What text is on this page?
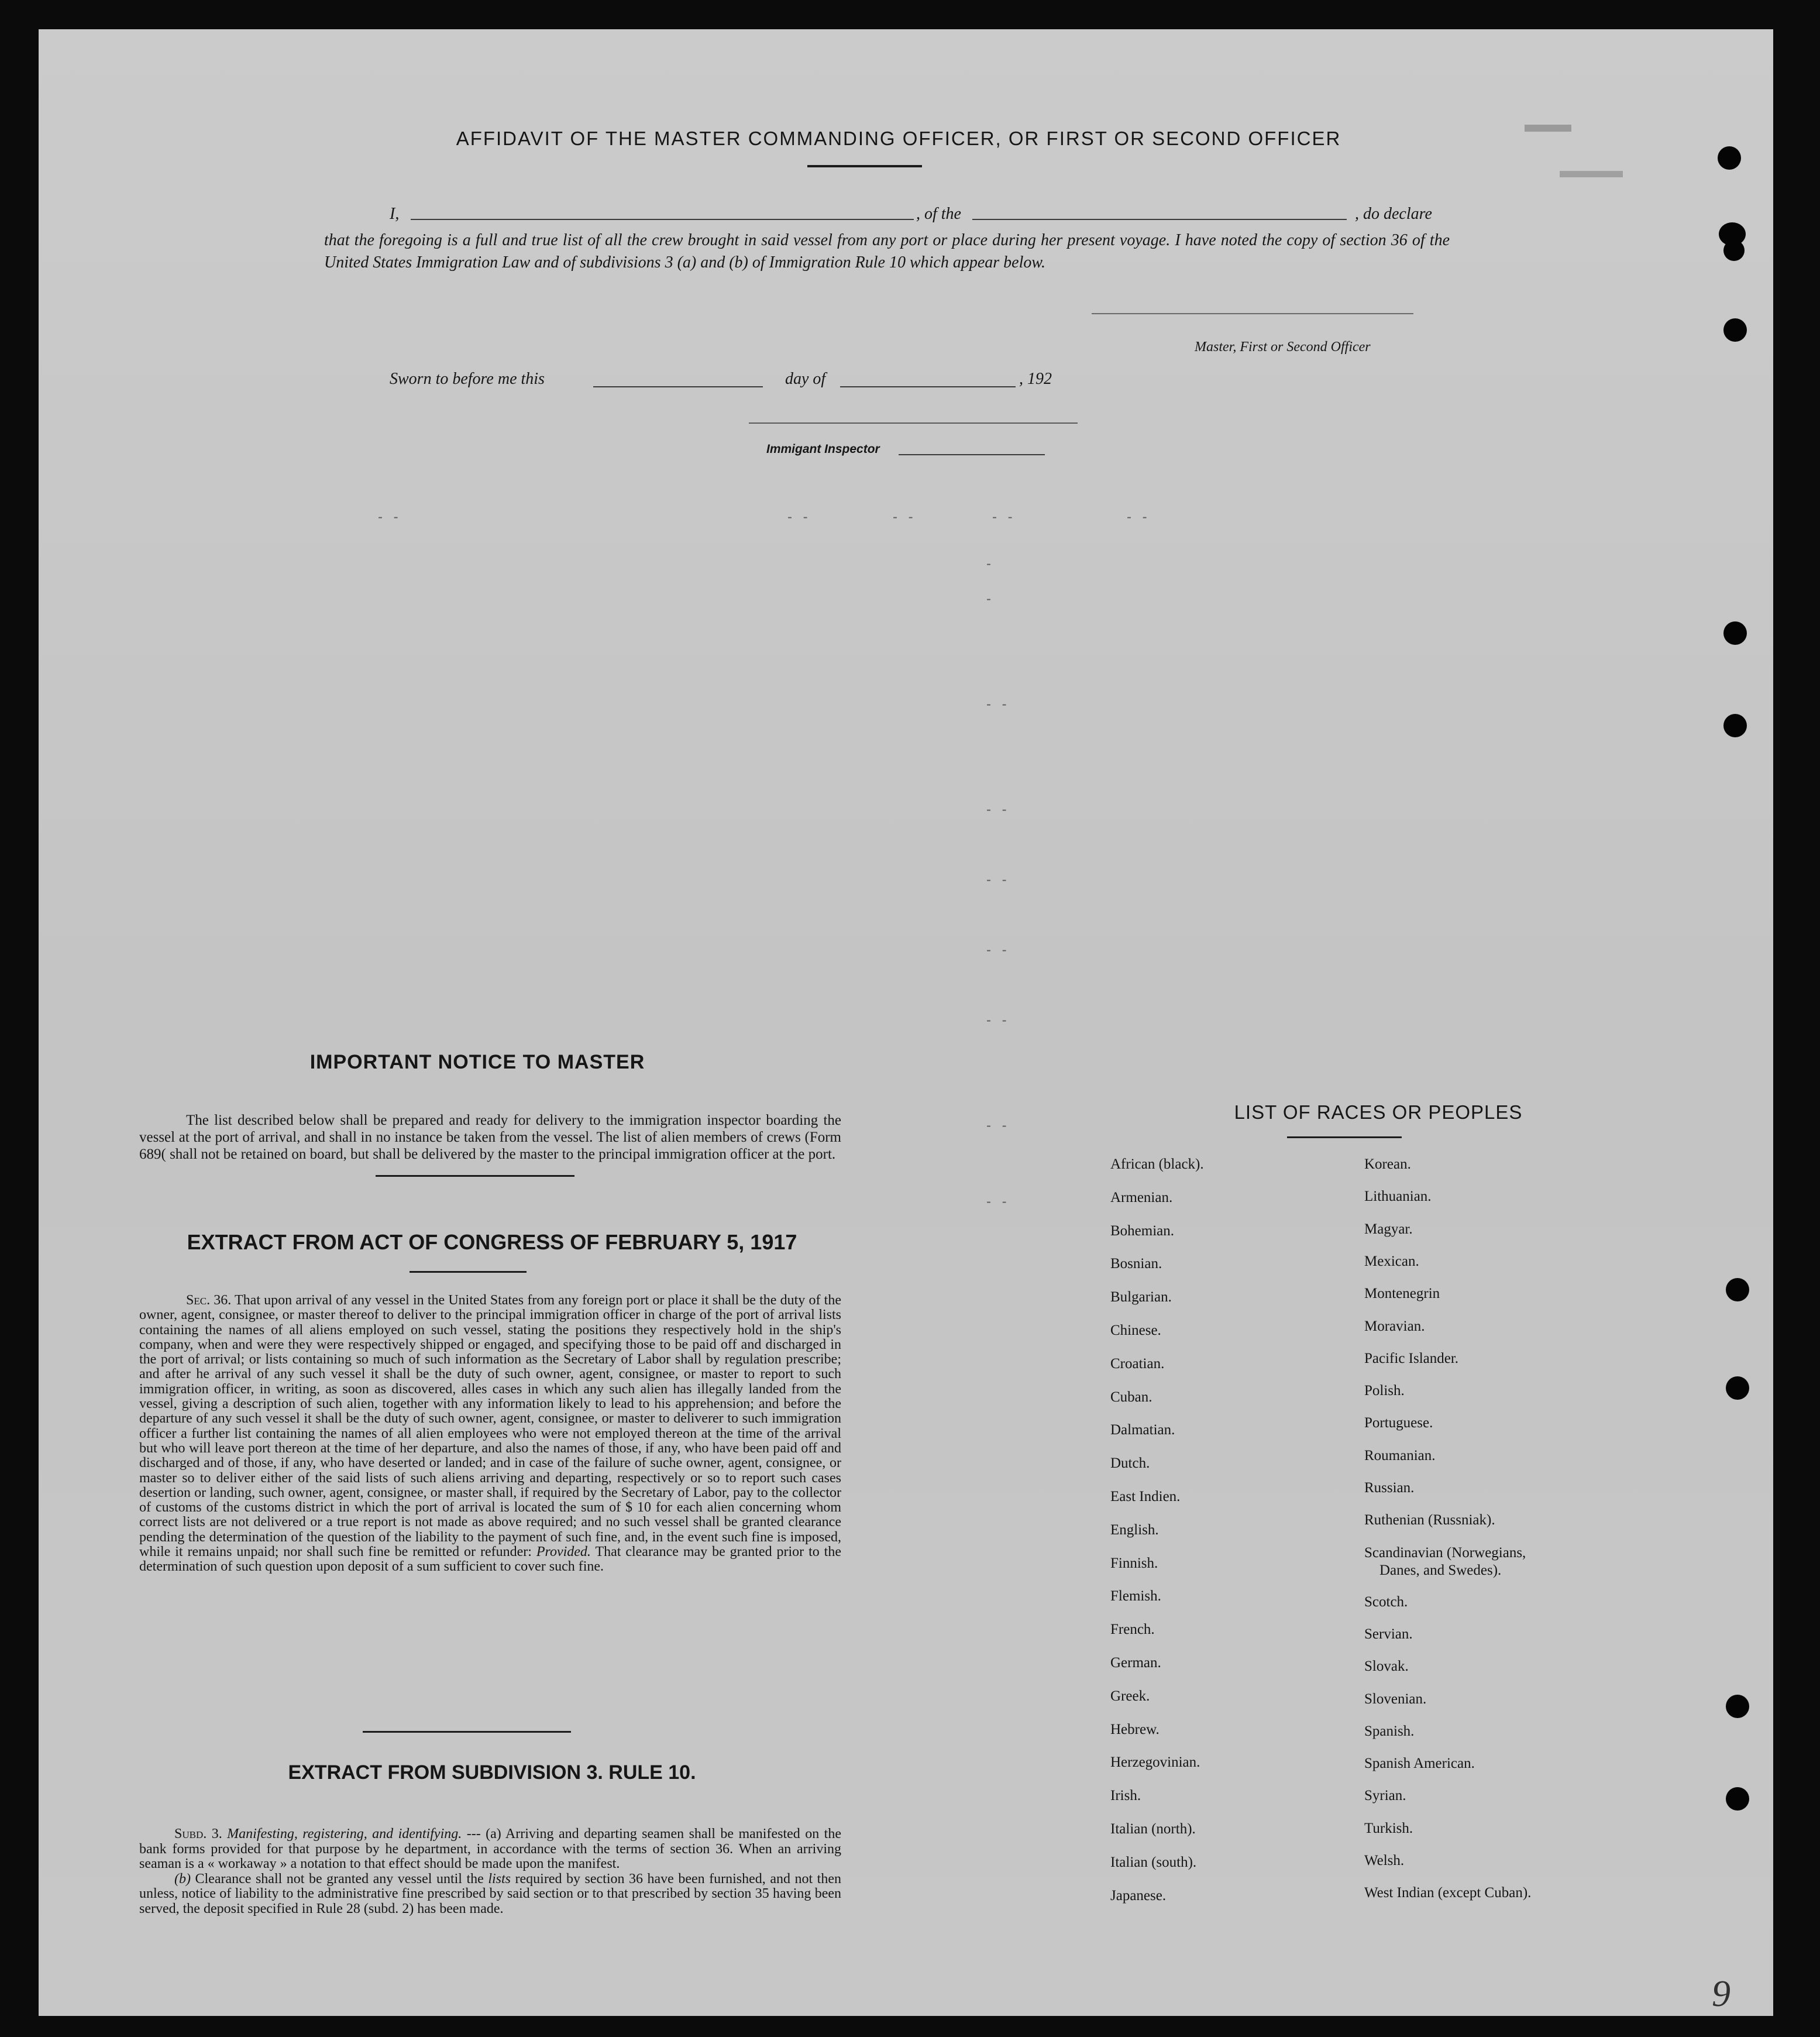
▬▬
▬▬▬
AFFIDAVIT OF THE MASTER COMMANDING OFFICER, OR FIRST OR SECOND OFFICER
I,	, of the	, do declare
that the foregoing is a full and true list of all the crew brought in said vessel from any port or place during her present voyage. I have noted the copy of section 36 of the United States Immigration Law and of subdivisions 3 (a) and (b) of Immigration Rule 10 which appear below.
Master, First or Second Officer
Sworn to before me this	day of	, 192
Immigant Inspector
- -	- -	- -	- -	- -
-
-
- -
- -
- -
- -
- -
- -
- -
IMPORTANT NOTICE TO MASTER
The list described below shall be prepared and ready for delivery to the immigration inspector boarding the vessel at the port of arrival, and shall in no instance be taken from the vessel. The list of alien members of crews (Form 689( shall not be retained on board, but shall be delivered by the master to the principal immigration officer at the port.
EXTRACT FROM ACT OF CONGRESS OF FEBRUARY 5, 1917
Sec. 36. That upon arrival of any vessel in the United States from any foreign port or place it shall be the duty of the owner, agent, consignee, or master thereof to deliver to the principal immigration officer in charge of the port of arrival lists containing the names of all aliens employed on such vessel, stating the positions they respectively hold in the ship's company, when and were they were respectively shipped or engaged, and specifying those to be paid off and discharged in the port of arrival; or lists containing so much of such information as the Secretary of Labor shall by regulation prescribe; and after he arrival of any such vessel it shall be the duty of such owner, agent, consignee, or master to report to such immigration officer, in writing, as soon as discovered, alles cases in which any such alien has illegally landed from the vessel, giving a description of such alien, together with any information likely to lead to his apprehension; and before the departure of any such vessel it shall be the duty of such owner, agent, consignee, or master to deliverer to such immigration officer a further list containing the names of all alien employees who were not employed thereon at the time of the arrival but who will leave port thereon at the time of her departure, and also the names of those, if any, who have been paid off and discharged and of those, if any, who have deserted or landed; and in case of the failure of suche owner, agent, consignee, or master so to deliver either of the said lists of such aliens arriving and departing, respectively or so to report such cases desertion or landing, such owner, agent, consignee, or master shall, if required by the Secretary of Labor, pay to the collector of customs of the customs district in which the port of arrival is located the sum of $ 10 for each alien concerning whom correct lists are not delivered or a true report is not made as above required; and no such vessel shall be granted clearance pending the determination of the question of the liability to the payment of such fine, and, in the event such fine is imposed, while it remains unpaid; nor shall such fine be remitted or refunder: Provided. That clearance may be granted prior to the determination of such question upon deposit of a sum sufficient to cover such fine.
EXTRACT FROM SUBDIVISION 3. RULE 10.
Subd. 3. Manifesting, registering, and identifying. --- (a) Arriving and departing seamen shall be manifested on the bank forms provided for that purpose by he department, in accordance with the terms of section 36. When an arriving seaman is a « workaway » a notation to that effect should be made upon the manifest.
(b) Clearance shall not be granted any vessel until the lists required by section 36 have been furnished, and not then unless, notice of liability to the administrative fine prescribed by said section or to that prescribed by section 35 having been served, the deposit specified in Rule 28 (subd. 2) has been made.
LIST OF RACES OR PEOPLES
African (black).
Armenian.
Bohemian.
Bosnian.
Bulgarian.
Chinese.
Croatian.
Cuban.
Dalmatian.
Dutch.
East Indien.
English.
Finnish.
Flemish.
French.
German.
Greek.
Hebrew.
Herzegovinian.
Irish.
Italian (north).
Italian (south).
Japanese.
Korean.
Lithuanian.
Magyar.
Mexican.
Montenegrin
Moravian.
Pacific Islander.
Polish.
Portuguese.
Roumanian.
Russian.
Ruthenian (Russniak).
Scandinavian (Norwegians,
Danes, and Swedes).
Scotch.
Servian.
Slovak.
Slovenian.
Spanish.
Spanish American.
Syrian.
Turkish.
Welsh.
West Indian (except Cuban).
9
